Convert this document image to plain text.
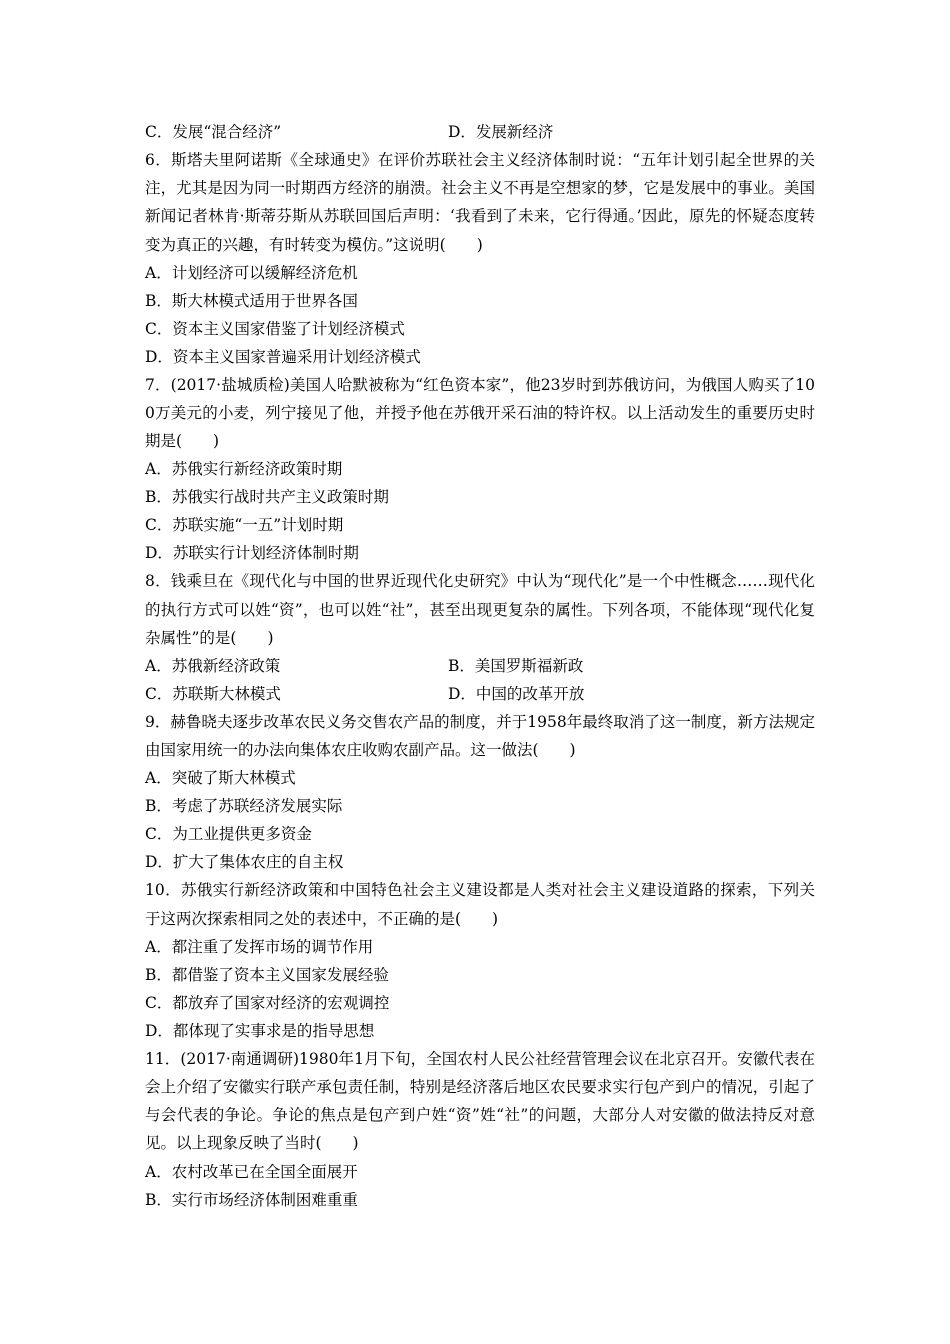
C．发展“混合经济”	D．发展新经济
6．斯塔夫里阿诺斯《全球通史》在评价苏联社会主义经济体制时说：“五年计划引起全世界的关注，尤其是因为同一时期西方经济的崩溃。社会主义不再是空想家的梦，它是发展中的事业。美国新闻记者林肯·斯蒂芬斯从苏联回国后声明：‘我看到了未来，它行得通。’因此，原先的怀疑态度转变为真正的兴趣，有时转变为模仿。”这说明(　　)
A．计划经济可以缓解经济危机
B．斯大林模式适用于世界各国
C．资本主义国家借鉴了计划经济模式
D．资本主义国家普遍采用计划经济模式
7．(2017·盐城质检)美国人哈默被称为“红色资本家”，他23岁时到苏俄访问，为俄国人购买了100万美元的小麦，列宁接见了他，并授予他在苏俄开采石油的特许权。以上活动发生的重要历史时期是(　　)
A．苏俄实行新经济政策时期
B．苏俄实行战时共产主义政策时期
C．苏联实施“一五”计划时期
D．苏联实行计划经济体制时期
8．钱乘旦在《现代化与中国的世界近现代化史研究》中认为“现代化”是一个中性概念……现代化的执行方式可以姓“资”，也可以姓“社”，甚至出现更复杂的属性。下列各项，不能体现“现代化复杂属性”的是(　　)
A．苏俄新经济政策	B．美国罗斯福新政
C．苏联斯大林模式	D．中国的改革开放
9．赫鲁晓夫逐步改革农民义务交售农产品的制度，并于1958年最终取消了这一制度，新方法规定由国家用统一的办法向集体农庄收购农副产品。这一做法(　　)
A．突破了斯大林模式
B．考虑了苏联经济发展实际
C．为工业提供更多资金
D．扩大了集体农庄的自主权
10．苏俄实行新经济政策和中国特色社会主义建设都是人类对社会主义建设道路的探索，下列关于这两次探索相同之处的表述中，不正确的是(　　)
A．都注重了发挥市场的调节作用
B．都借鉴了资本主义国家发展经验
C．都放弃了国家对经济的宏观调控
D．都体现了实事求是的指导思想
11．(2017·南通调研)1980年1月下旬，全国农村人民公社经营管理会议在北京召开。安徽代表在会上介绍了安徽实行联产承包责任制，特别是经济落后地区农民要求实行包产到户的情况，引起了与会代表的争论。争论的焦点是包产到户姓“资”姓“社”的问题，大部分人对安徽的做法持反对意见。以上现象反映了当时(　　)
A．农村改革已在全国全面展开
B．实行市场经济体制困难重重
